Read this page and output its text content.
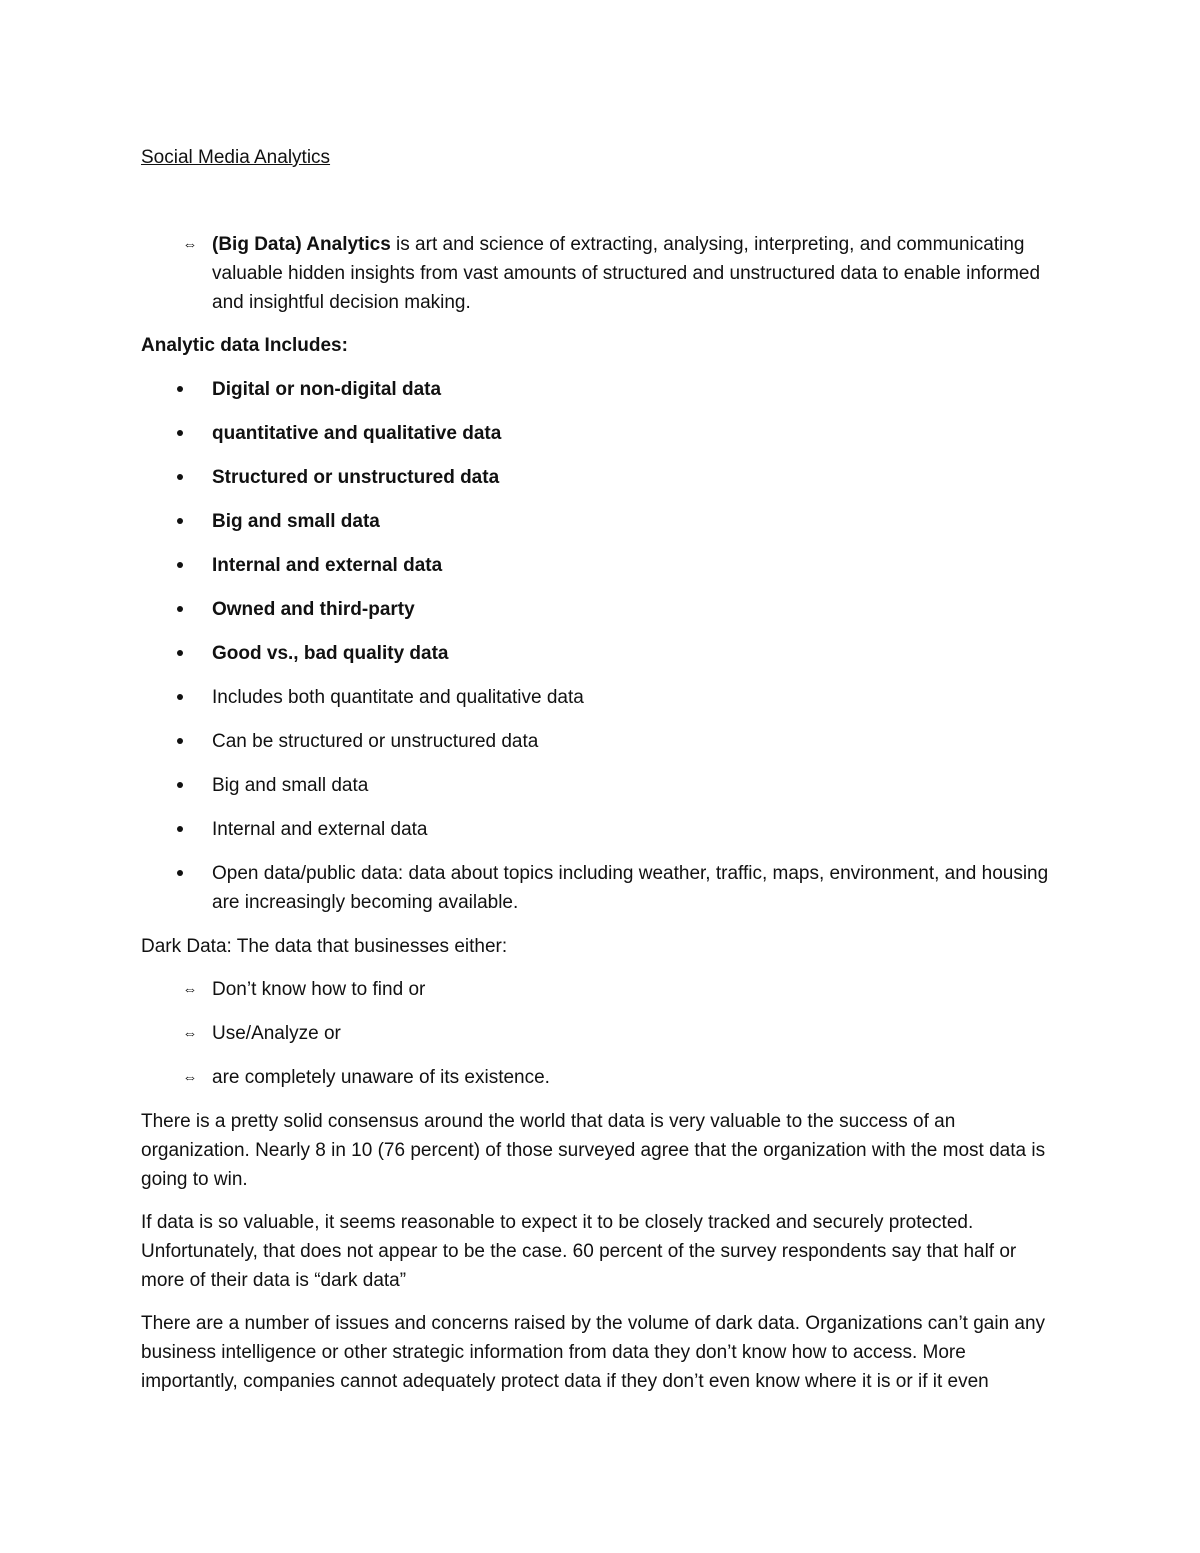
Social Media Analytics
⇔ (Big Data) Analytics is art and science of extracting, analysing, interpreting, and communicating valuable hidden insights from vast amounts of structured and unstructured data to enable informed and insightful decision making.
Analytic data Includes:
Digital or non-digital data
quantitative and qualitative data
Structured or unstructured data
Big and small data
Internal and external data
Owned and third-party
Good vs., bad quality data
Includes both quantitate and qualitative data
Can be structured or unstructured data
Big and small data
Internal and external data
Open data/public data: data about topics including weather, traffic, maps, environment, and housing are increasingly becoming available.
Dark Data: The data that businesses either:
⇔ Don’t know how to find or
⇔ Use/Analyze or
⇔ are completely unaware of its existence.

There is a pretty solid consensus around the world that data is very valuable to the success of an organization. Nearly 8 in 10 (76 percent) of those surveyed agree that the organization with the most data is going to win.

If data is so valuable, it seems reasonable to expect it to be closely tracked and securely protected. Unfortunately, that does not appear to be the case. 60 percent of the survey respondents say that half or more of their data is “dark data”

There are a number of issues and concerns raised by the volume of dark data. Organizations can’t gain any business intelligence or other strategic information from data they don’t know how to access. More importantly, companies cannot adequately protect data if they don’t even know where it is or if it even
